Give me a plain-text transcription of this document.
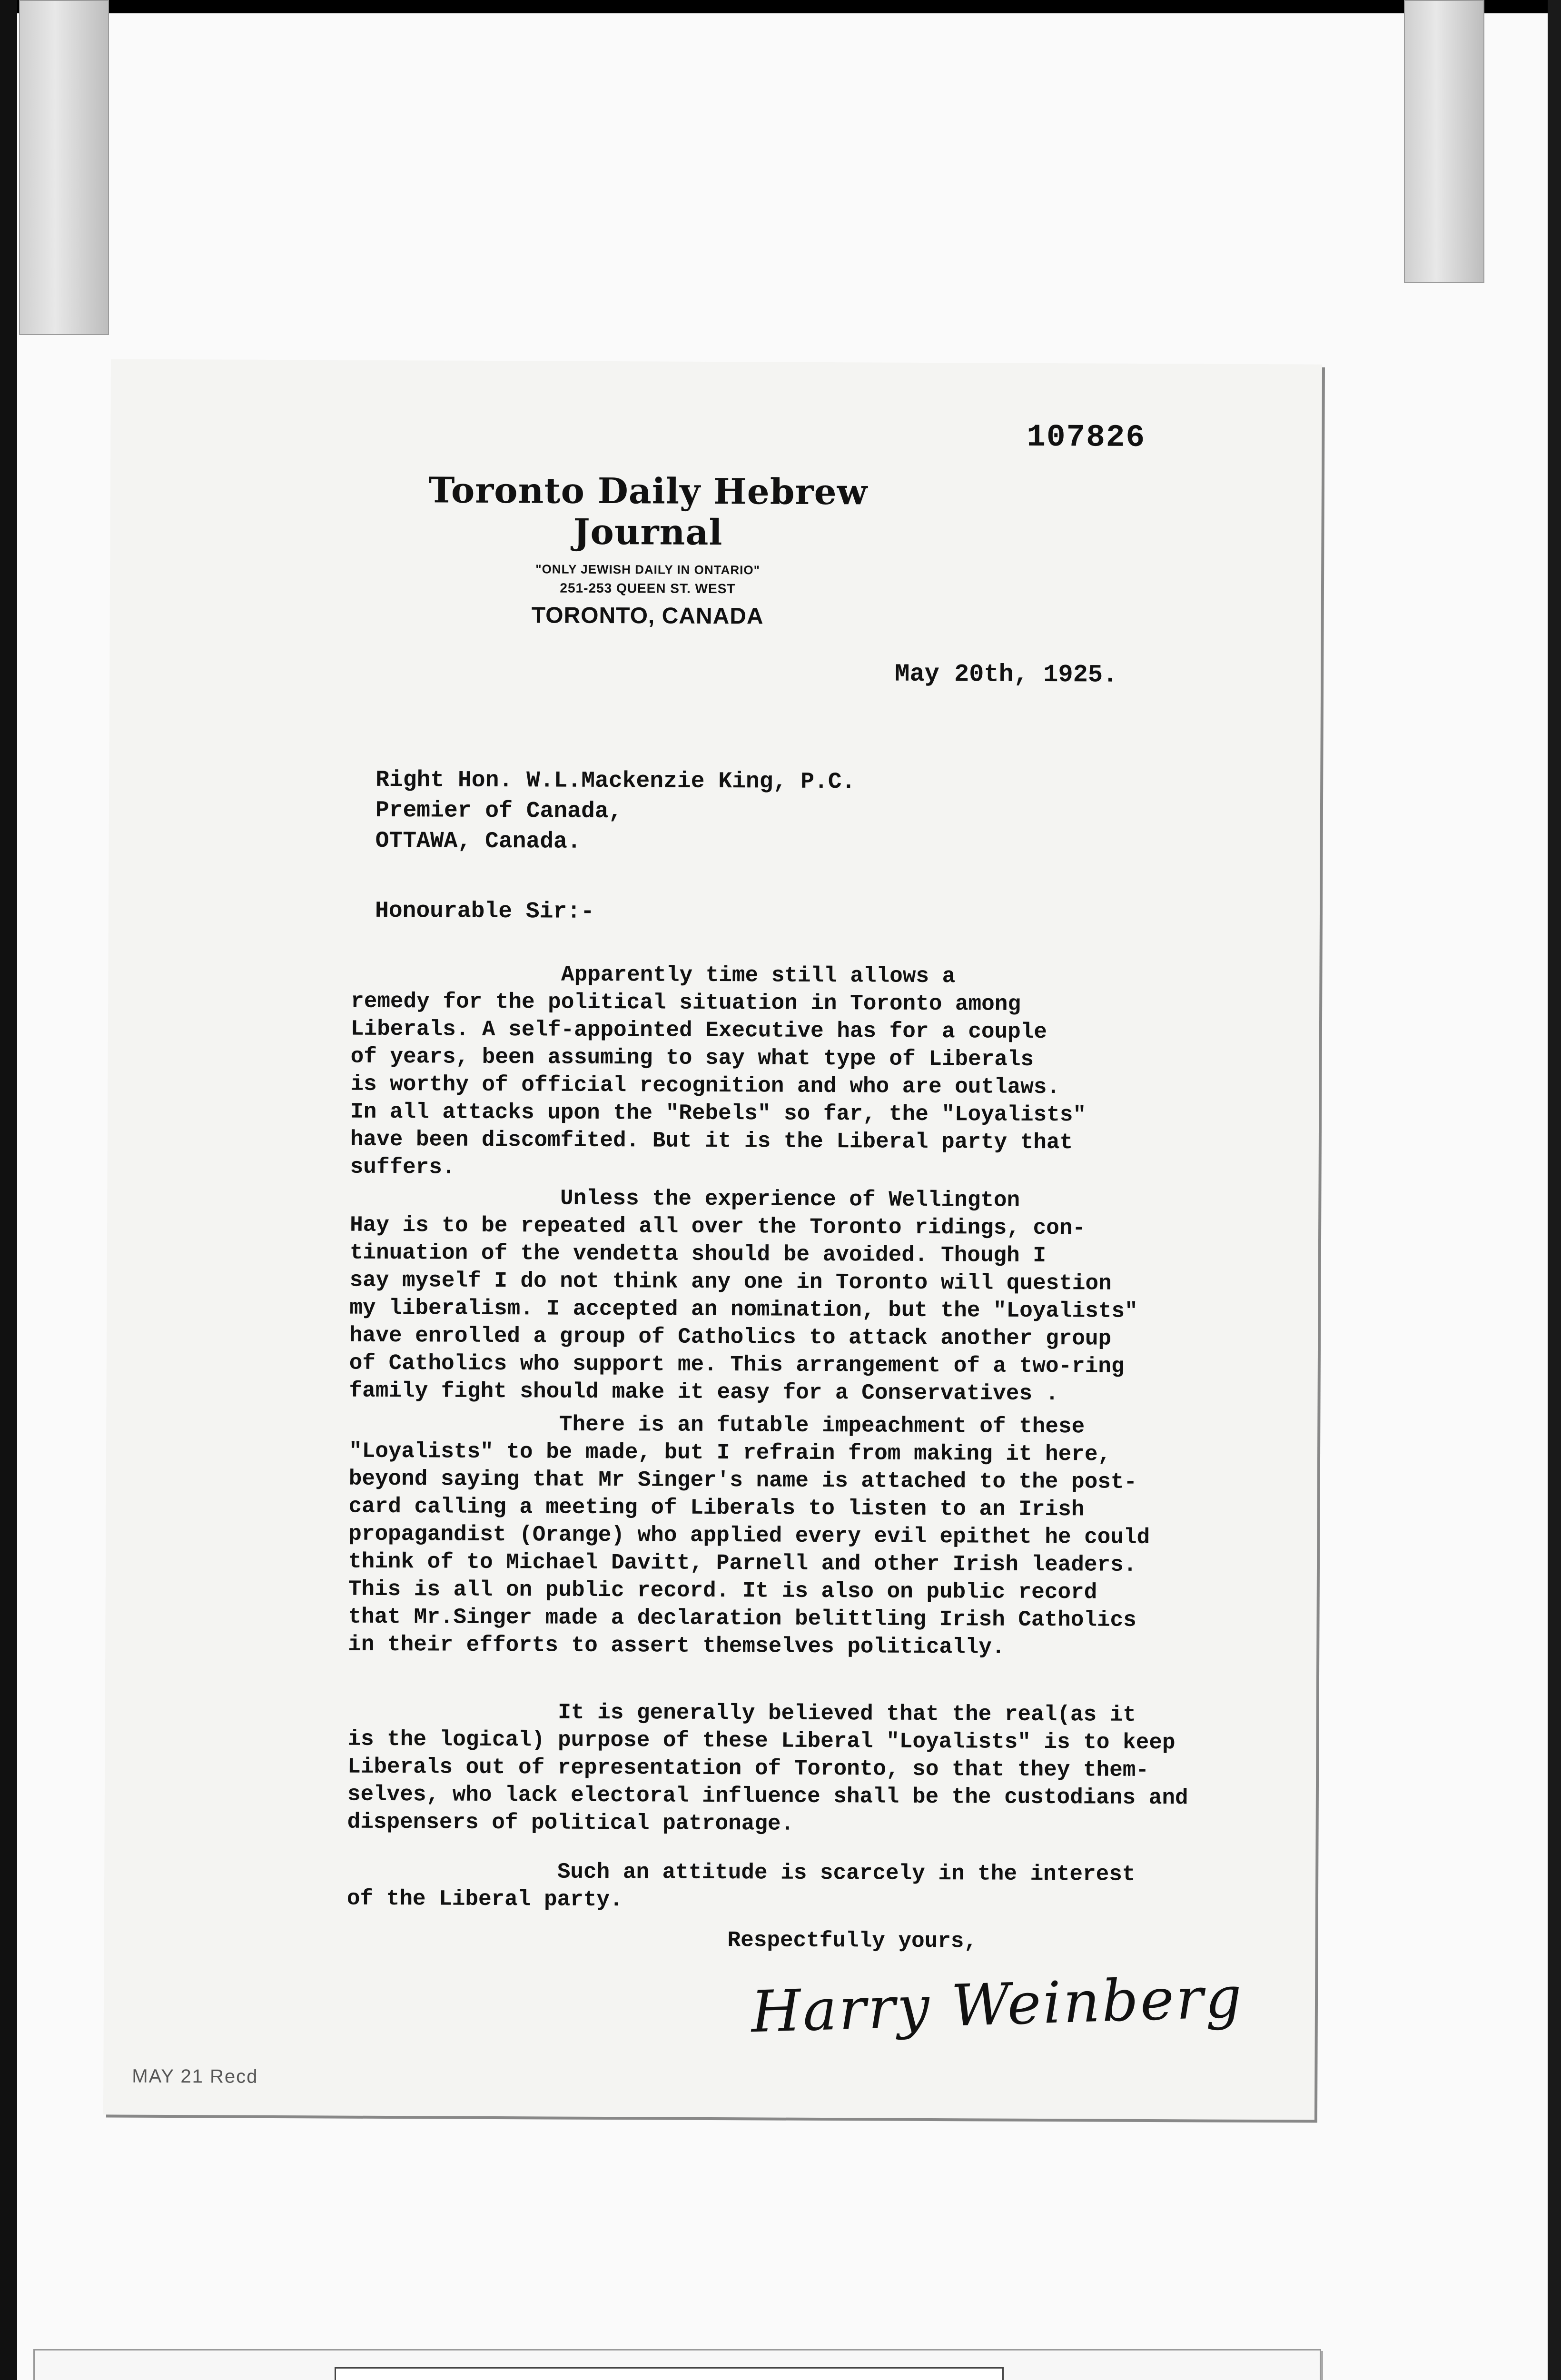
107826
Toronto Daily Hebrew Journal
"ONLY JEWISH DAILY IN ONTARIO"
251-253 QUEEN ST. WEST
TORONTO, CANADA
May 20th, 1925.
Right Hon. W.L.Mackenzie King, P.C.
Premier of Canada,
OTTAWA, Canada.
Honourable Sir:-
Apparently time still allows a
remedy for the political situation in Toronto among
Liberals. A self-appointed Executive has for a couple
of years, been assuming to say what type of Liberals
is worthy of official recognition and who are outlaws.
In all attacks upon the "Rebels" so far, the "Loyalists"
have been discomfited. But it is the Liberal party that
suffers.
Unless the experience of Wellington
Hay is to be repeated all over the Toronto ridings, con-
tinuation of the vendetta should be avoided. Though I
say myself I do not think any one in Toronto will question
my liberalism. I accepted an nomination, but the "Loyalists"
have enrolled a group of Catholics to attack another group
of Catholics who support me. This arrangement of a two-ring
family fight should make it easy for a Conservatives .
There is an futable impeachment of these
"Loyalists" to be made, but I refrain from making it here,
beyond saying that Mr Singer's name is attached to the post-
card calling a meeting of Liberals to listen to an Irish
propagandist (Orange) who applied every evil epithet he could
think of to Michael Davitt, Parnell and other Irish leaders.
This is all on public record. It is also on public record
that Mr.Singer made a declaration belittling Irish Catholics
in their efforts to assert themselves politically.
It is generally believed that the real(as it
is the logical) purpose of these Liberal "Loyalists" is to keep
Liberals out of representation of Toronto, so that they them-
selves, who lack electoral influence shall be the custodians and
dispensers of political patronage.
Such an attitude is scarcely in the interest
of the Liberal party.
Respectfully yours,
Harry Weinberg
MAY 21 Recd
